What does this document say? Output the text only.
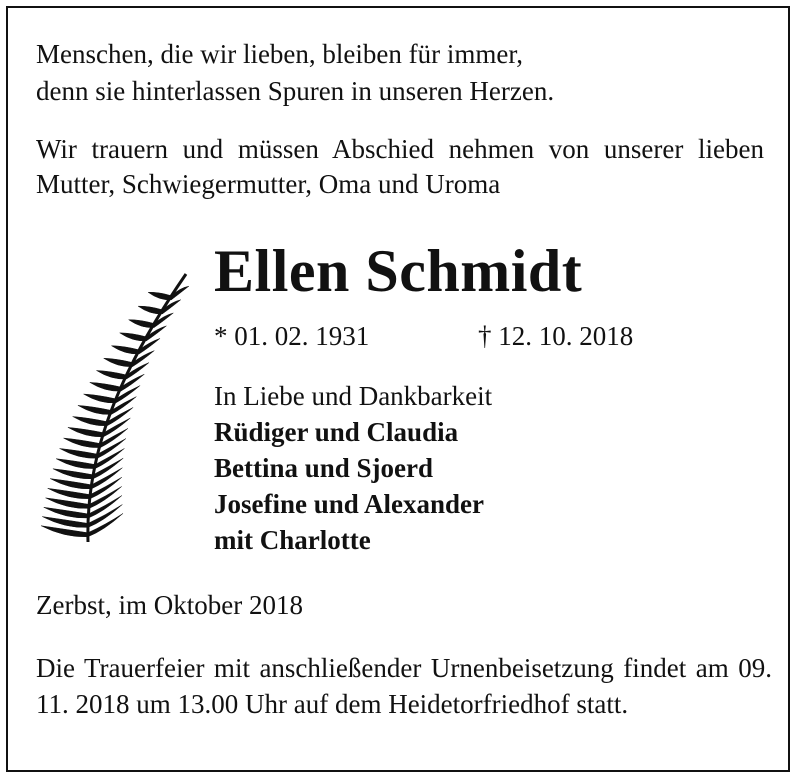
Menschen, die wir lieben, bleiben für immer,

denn sie hinterlassen Spuren in unseren Herzen.

Wir trauern und müssen Abschied nehmen von unserer lieben Mutter, Schwiegermutter, Oma und Uroma
Ellen Schmidt
* 01. 02. 1931	† 12. 10. 2018
In Liebe und Dankbarkeit
Rüdiger und Claudia
Bettina und Sjoerd
Josefine und Alexander
mit Charlotte
Zerbst, im Oktober 2018
Die Trauerfeier mit anschließender Urnenbeisetzung findet am 09. 11. 2018 um 13.00 Uhr auf dem Heidetorfriedhof statt.
